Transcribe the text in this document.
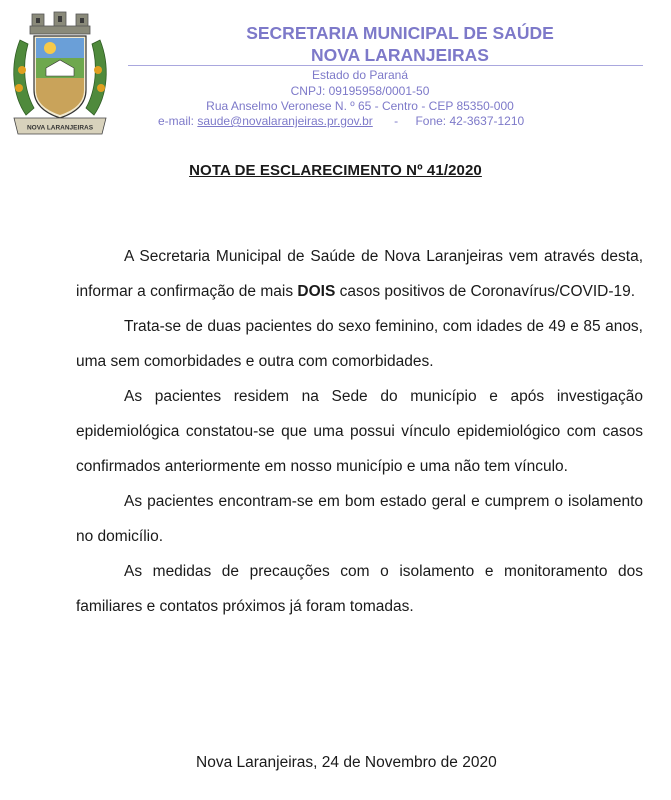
NOVA LARANJEIRAS
SECRETARIA MUNICIPAL DE SAÚDE
NOVA LARANJEIRAS
Estado do Paraná
CNPJ: 09195958/0001-50
Rua Anselmo Veronese N. º 65 - Centro - CEP 85350-000
e-mail: saude@novalaranjeiras.pr.gov.br - Fone: 42-3637-1210
NOTA DE ESCLARECIMENTO Nº 41/2020

A Secretaria Municipal de Saúde de Nova Laranjeiras vem através desta, informar a confirmação de mais DOIS casos positivos de Coronavírus/COVID-19.

Trata-se de duas pacientes do sexo feminino, com idades de 49 e 85 anos, uma sem comorbidades e outra com comorbidades.

As pacientes residem na Sede do município e após investigação epidemiológica constatou-se que uma possui vínculo epidemiológico com casos confirmados anteriormente em nosso município e uma não tem vínculo.

As pacientes encontram-se em bom estado geral e cumprem o isolamento no domicílio.

As medidas de precauções com o isolamento e monitoramento dos familiares e contatos próximos já foram tomadas.

Nova Laranjeiras, 24 de Novembro de 2020
